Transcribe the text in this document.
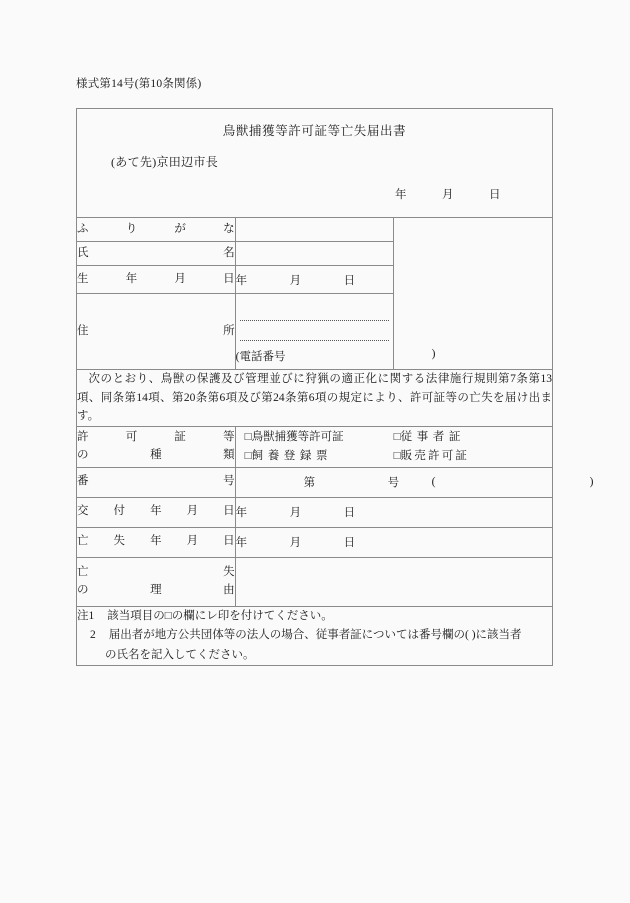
様式第14号(第10条関係)
鳥獣捕獲等許可証等亡失届出書
(あて先)京田辺市長
年 月 日		

ふりがな		
氏名		
生年月日	年 月 日	
住所	(電話番号 )	

次のとおり、鳥獣の保護及び管理並びに狩猟の適正化に関する法律施行規則第7条第13項、同条第14項、第20条第6項及び第24条第6項の規定により、許可証等の亡失を届け出ます。		

許可証等
の種類

□鳥獣捕獲等許可証	□従事者証
□飼養登録票	□販売許可証

番号	第 号 ( )	

交付年月日	年 月 日	
亡失年月日	年 月 日	

亡失
の理由		

注1 該当項目の□の欄にレ印を付けてください。
2 届出者が地方公共団体等の法人の場合、従事者証については番号欄の( )に該当者
の氏名を記入してください。		
